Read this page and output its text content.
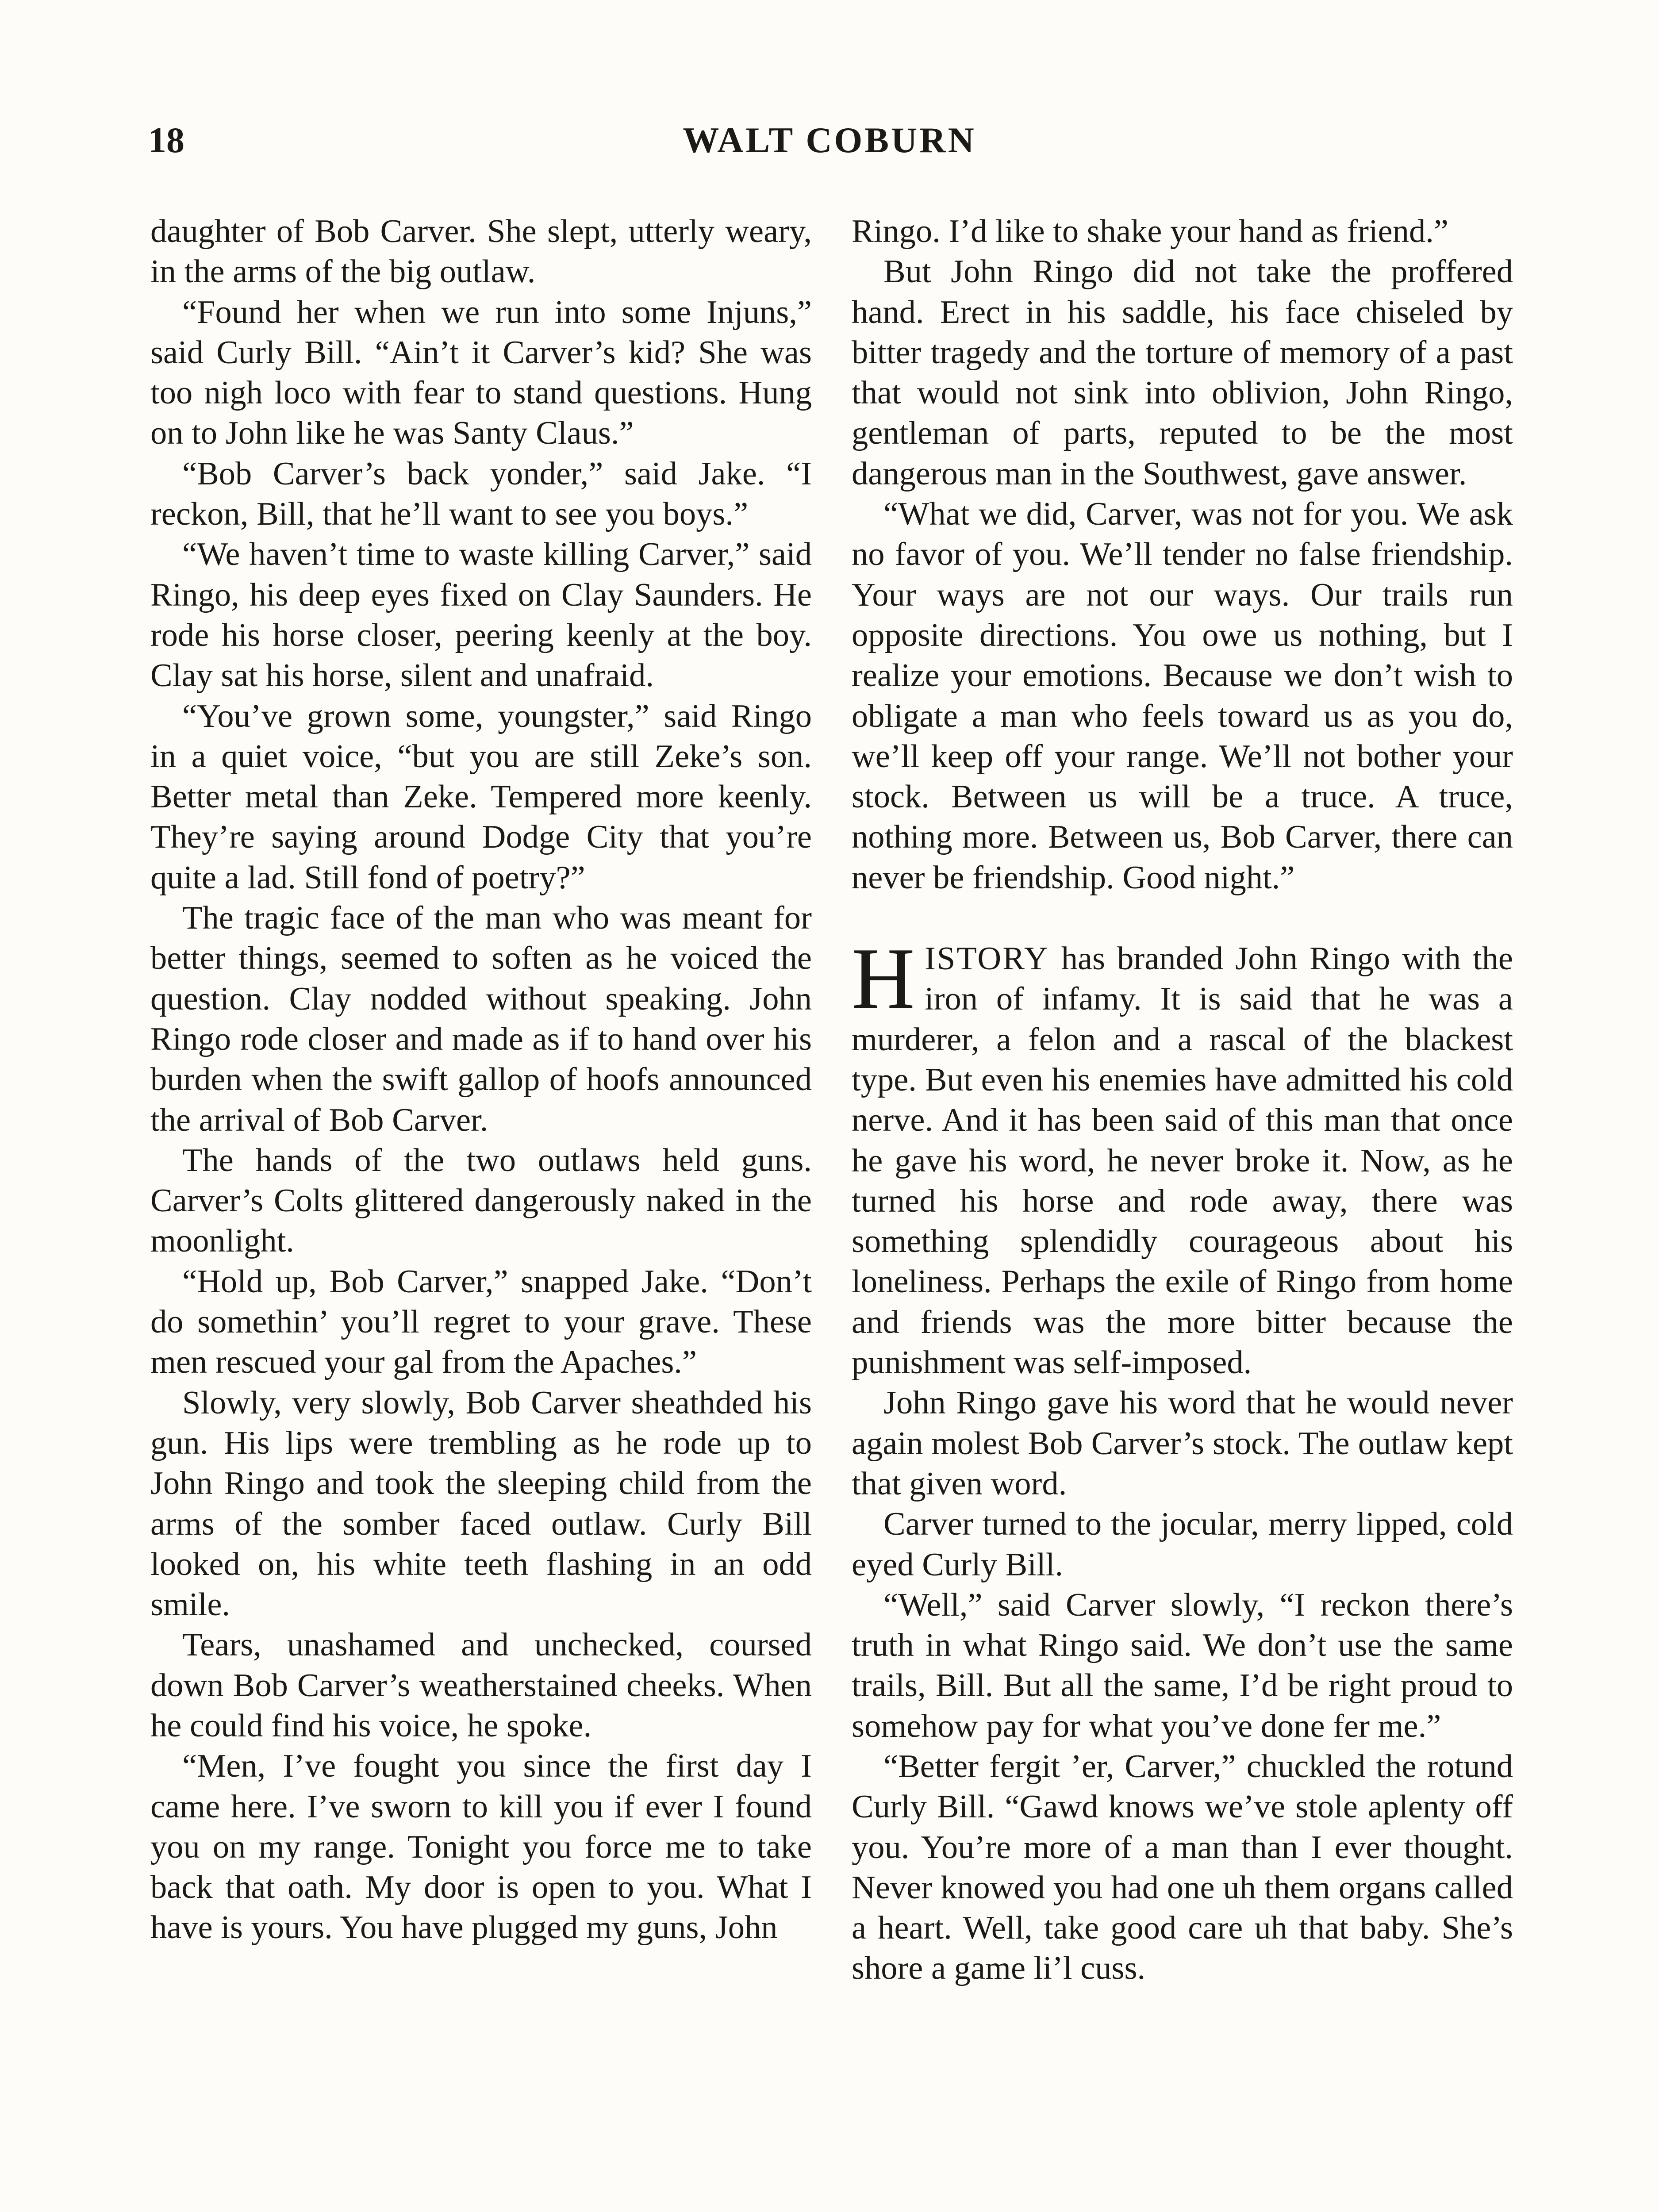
18	WALT COBURN

daughter of Bob Carver. She slept, utterly weary, in the arms of the big outlaw.

“Found her when we run into some Injuns,” said Curly Bill. “Ain’t it Carver’s kid? She was too nigh loco with fear to stand questions. Hung on to John like he was Santy Claus.”

“Bob Carver’s back yonder,” said Jake. “I reckon, Bill, that he’ll want to see you boys.”

“We haven’t time to waste killing Carver,” said Ringo, his deep eyes fixed on Clay Saunders. He rode his horse closer, peering keenly at the boy. Clay sat his horse, silent and unafraid.

“You’ve grown some, youngster,” said Ringo in a quiet voice, “but you are still Zeke’s son. Better metal than Zeke. Tempered more keenly. They’re saying around Dodge City that you’re quite a lad. Still fond of poetry?”

The tragic face of the man who was meant for better things, seemed to soften as he voiced the question. Clay nodded without speaking. John Ringo rode closer and made as if to hand over his burden when the swift gallop of hoofs announced the arrival of Bob Carver.

The hands of the two outlaws held guns. Carver’s Colts glittered dangerously naked in the moonlight.

“Hold up, Bob Carver,” snapped Jake. “Don’t do somethin’ you’ll regret to your grave. These men rescued your gal from the Apaches.”

Slowly, very slowly, Bob Carver sheathded his gun. His lips were trembling as he rode up to John Ringo and took the sleeping child from the arms of the somber faced outlaw. Curly Bill looked on, his white teeth flashing in an odd smile.

Tears, unashamed and unchecked, coursed down Bob Carver’s weatherstained cheeks. When he could find his voice, he spoke.

“Men, I’ve fought you since the first day I came here. I’ve sworn to kill you if ever I found you on my range. Tonight you force me to take back that oath. My door is open to you. What I have is yours. You have plugged my guns, John

Ringo. I’d like to shake your hand as friend.”

But John Ringo did not take the proffered hand. Erect in his saddle, his face chiseled by bitter tragedy and the torture of memory of a past that would not sink into oblivion, John Ringo, gentleman of parts, reputed to be the most dangerous man in the Southwest, gave answer.

“What we did, Carver, was not for you. We ask no favor of you. We’ll tender no false friendship. Your ways are not our ways. Our trails run opposite directions. You owe us nothing, but I realize your emotions. Because we don’t wish to obligate a man who feels toward us as you do, we’ll keep off your range. We’ll not bother your stock. Between us will be a truce. A truce, nothing more. Between us, Bob Carver, there can never be friendship. Good night.”

HISTORY has branded John Ringo with the iron of infamy. It is said that he was a murderer, a felon and a rascal of the blackest type. But even his enemies have admitted his cold nerve. And it has been said of this man that once he gave his word, he never broke it. Now, as he turned his horse and rode away, there was something splendidly courageous about his loneliness. Perhaps the exile of Ringo from home and friends was the more bitter because the punishment was self-imposed.

John Ringo gave his word that he would never again molest Bob Carver’s stock. The outlaw kept that given word.

Carver turned to the jocular, merry lipped, cold eyed Curly Bill.

“Well,” said Carver slowly, “I reckon there’s truth in what Ringo said. We don’t use the same trails, Bill. But all the same, I’d be right proud to somehow pay for what you’ve done fer me.”

“Better fergit ’er, Carver,” chuckled the rotund Curly Bill. “Gawd knows we’ve stole aplenty off you. You’re more of a man than I ever thought. Never knowed you had one uh them organs called a heart. Well, take good care uh that baby. She’s shore a game li’l cuss.
